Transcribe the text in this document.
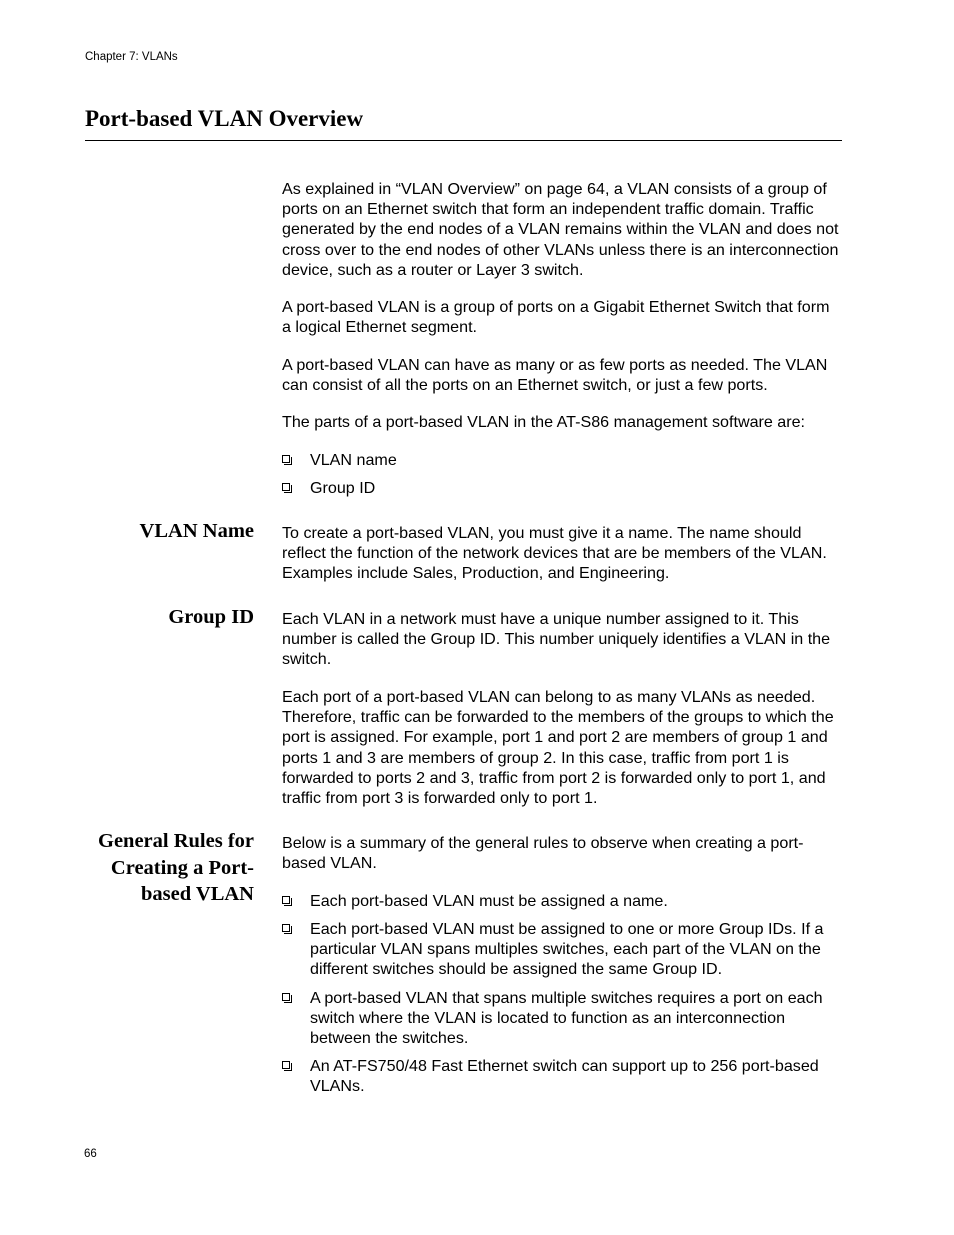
Chapter 7: VLANs
Port-based VLAN Overview

As explained in “VLAN Overview” on page 64, a VLAN consists of a group of ports on an Ethernet switch that form an independent traffic domain. Traffic generated by the end nodes of a VLAN remains within the VLAN and does not cross over to the end nodes of other VLANs unless there is an interconnection device, such as a router or Layer 3 switch.

A port-based VLAN is a group of ports on a Gigabit Ethernet Switch that form a logical Ethernet segment.

A port-based VLAN can have as many or as few ports as needed. The VLAN can consist of all the ports on an Ethernet switch, or just a few ports.

The parts of a port-based VLAN in the AT-S86 management software are:

VLAN name
Group ID
VLAN Name To create a port-based VLAN, you must give it a name. The name should reflect the function of the network devices that are be members of the VLAN. Examples include Sales, Production, and Engineering.

Group ID Each VLAN in a network must have a unique number assigned to it. This number is called the Group ID. This number uniquely identifies a VLAN in the switch.

Each port of a port-based VLAN can belong to as many VLANs as needed. Therefore, traffic can be forwarded to the members of the groups to which the port is assigned. For example, port 1 and port 2 are members of group 1 and ports 1 and 3 are members of group 2. In this case, traffic from port 1 is forwarded to ports 2 and 3, traffic from port 2 is forwarded only to port 1, and traffic from port 3 is forwarded only to port 1.

General Rules for
Creating a Port-
based VLAN

Below is a summary of the general rules to observe when creating a port-based VLAN.

Each port-based VLAN must be assigned a name.
Each port-based VLAN must be assigned to one or more Group IDs. If a particular VLAN spans multiples switches, each part of the VLAN on the different switches should be assigned the same Group ID.
A port-based VLAN that spans multiple switches requires a port on each switch where the VLAN is located to function as an interconnection between the switches.
An AT-FS750/48 Fast Ethernet switch can support up to 256 port-based VLANs.
66
